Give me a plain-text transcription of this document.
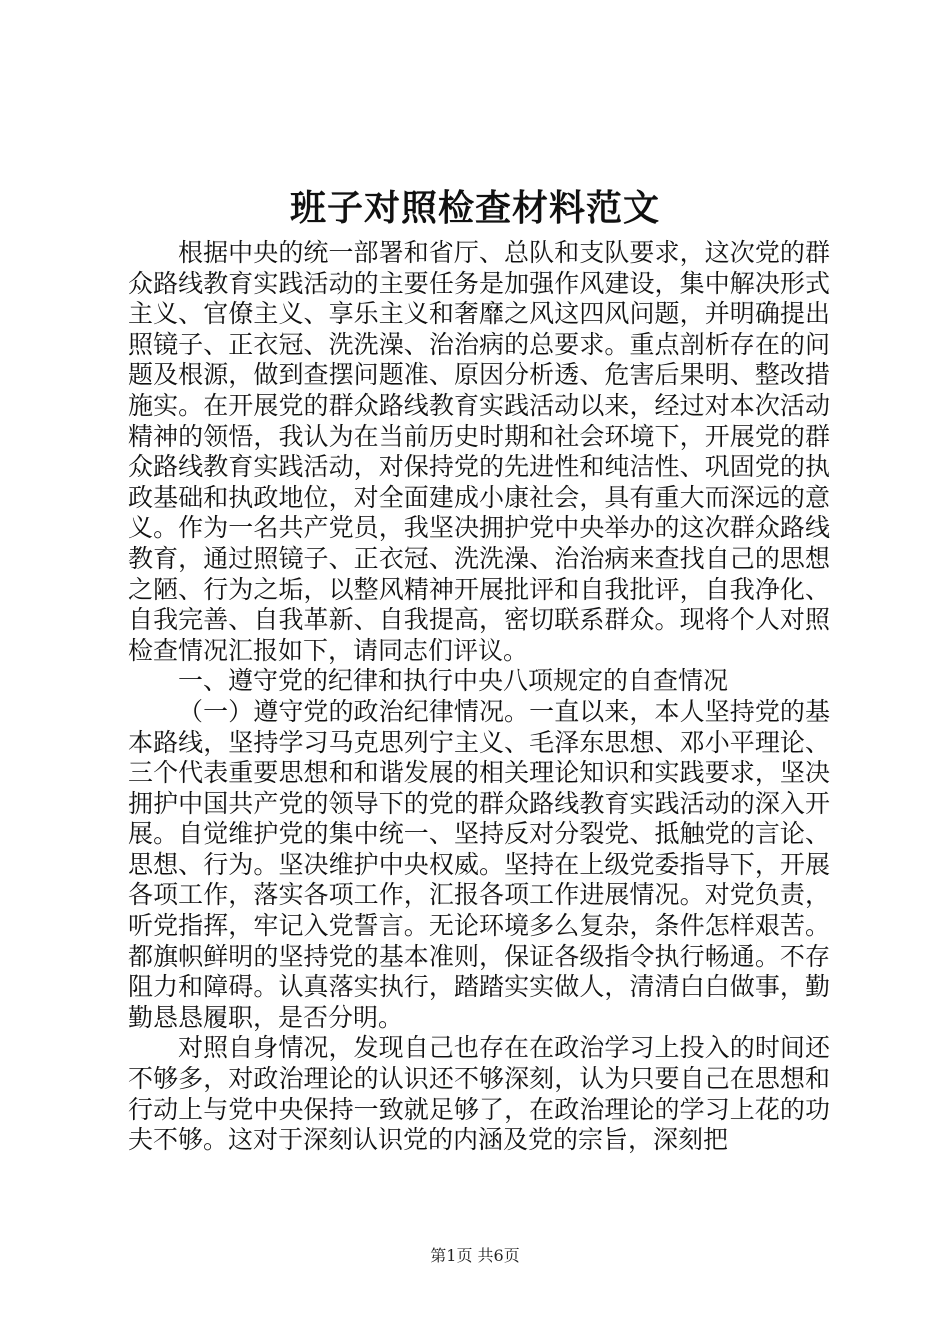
班子对照检查材料范文

根据中央的统一部署和省厅、总队和支队要求，这次党的群众路线教育实践活动的主要任务是加强作风建设，集中解决形式主义、官僚主义、享乐主义和奢靡之风这四风问题，并明确提出照镜子、正衣冠、洗洗澡、治治病的总要求。重点剖析存在的问题及根源，做到查摆问题准、原因分析透、危害后果明、整改措施实。在开展党的群众路线教育实践活动以来，经过对本次活动精神的领悟，我认为在当前历史时期和社会环境下，开展党的群众路线教育实践活动，对保持党的先进性和纯洁性、巩固党的执政基础和执政地位，对全面建成小康社会，具有重大而深远的意义。作为一名共产党员，我坚决拥护党中央举办的这次群众路线教育，通过照镜子、正衣冠、洗洗澡、治治病来查找自己的思想之陋、行为之垢，以整风精神开展批评和自我批评，自我净化、自我完善、自我革新、自我提高，密切联系群众。现将个人对照检查情况汇报如下，请同志们评议。

一、遵守党的纪律和执行中央八项规定的自查情况

（一）遵守党的政治纪律情况。一直以来，本人坚持党的基本路线，坚持学习马克思列宁主义、毛泽东思想、邓小平理论、三个代表重要思想和和谐发展的相关理论知识和实践要求，坚决拥护中国共产党的领导下的党的群众路线教育实践活动的深入开展。自觉维护党的集中统一、坚持反对分裂党、抵触党的言论、思想、行为。坚决维护中央权威。坚持在上级党委指导下，开展各项工作，落实各项工作，汇报各项工作进展情况。对党负责，听党指挥，牢记入党誓言。无论环境多么复杂，条件怎样艰苦。都旗帜鲜明的坚持党的基本准则，保证各级指令执行畅通。不存阻力和障碍。认真落实执行，踏踏实实做人，清清白白做事，勤勤恳恳履职，是否分明。

对照自身情况，发现自己也存在在政治学习上投入的时间还不够多，对政治理论的认识还不够深刻，认为只要自己在思想和行动上与党中央保持一致就足够了，在政治理论的学习上花的功夫不够。这对于深刻认识党的内涵及党的宗旨，深刻把

第1页 共6页
